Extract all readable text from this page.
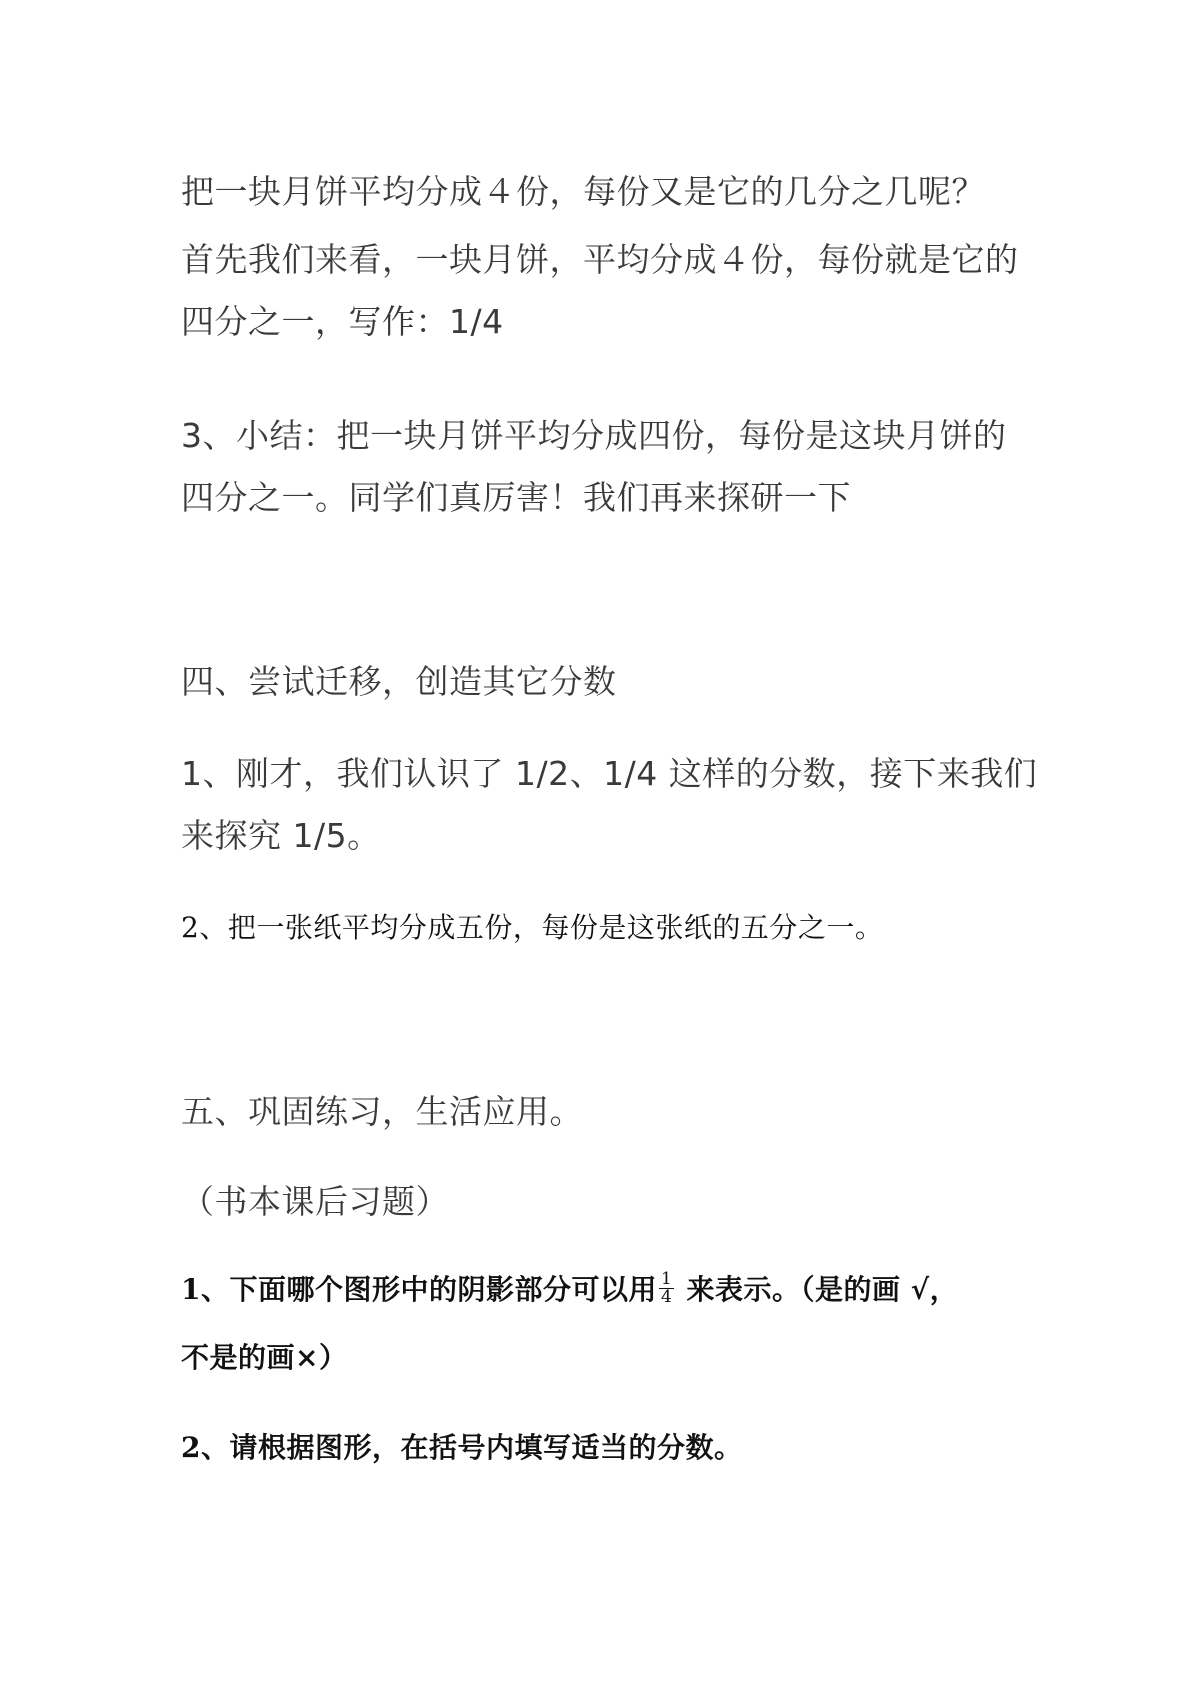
把一块月饼平均分成４份，每份又是它的几分之几呢？

首先我们来看，一块月饼，平均分成４份，每份就是它的

四分之一，写作：1/4

3、小结：把一块月饼平均分成四份，每份是这块月饼的

四分之一。同学们真厉害！我们再来探研一下

四、尝试迁移，创造其它分数

1、刚才，我们认识了 1/2、1/4 这样的分数，接下来我们

来探究 1/5。

2、把一张纸平均分成五份，每份是这张纸的五分之一。

五、巩固练习，生活应用。

（书本课后习题）

1、下面哪个图形中的阴影部分可以用 $\frac{1}{4}$ 来表示。（是的画 √，

不是的画×）

2、请根据图形，在括号内填写适当的分数。
